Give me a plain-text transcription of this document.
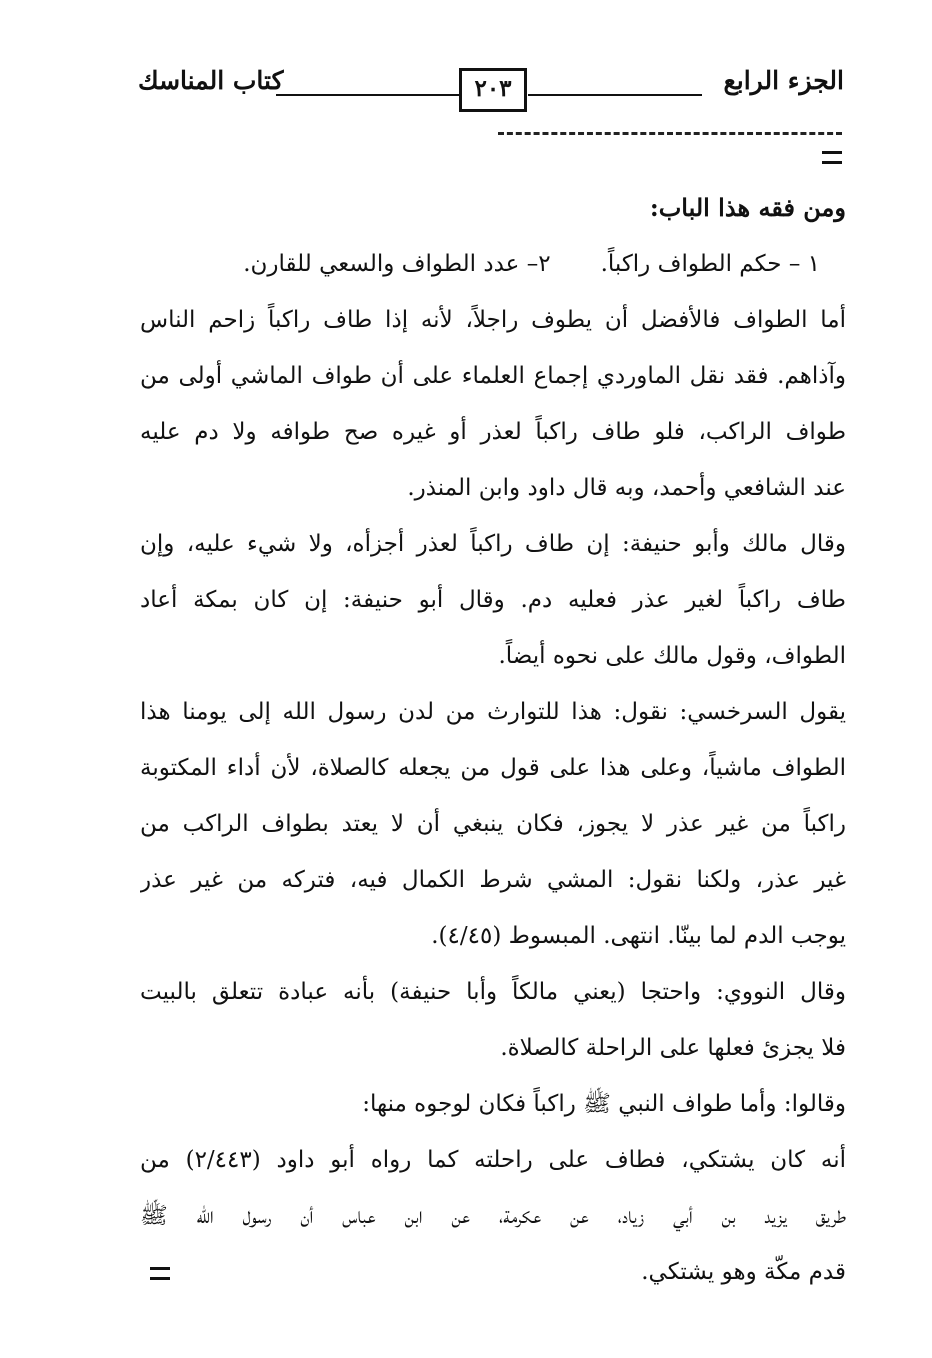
الجزء الرابع
٢٠٣
كتاب المناسك
ومن فقه هذا الباب:
١ – حكم الطواف راكباً.٢– عدد الطواف والسعي للقارن.
أما الطواف فالأفضل أن يطوف راجلاً، لأنه إذا طاف راكباً زاحم الناس
وآذاهم. فقد نقل الماوردي إجماع العلماء على أن طواف الماشي أولى من
طواف الراكب، فلو طاف راكباً لعذر أو غيره صح طوافه ولا دم عليه
عند الشافعي وأحمد، وبه قال داود وابن المنذر.
وقال مالك وأبو حنيفة: إن طاف راكباً لعذر أجزأه، ولا شيء عليه، وإن
طاف راكباً لغير عذر فعليه دم. وقال أبو حنيفة: إن كان بمكة أعاد
الطواف، وقول مالك على نحوه أيضاً.
يقول السرخسي: نقول: هذا للتوارث من لدن رسول الله إلى يومنا هذا
الطواف ماشياً، وعلى هذا على قول من يجعله كالصلاة، لأن أداء المكتوبة
راكباً من غير عذر لا يجوز، فكان ينبغي أن لا يعتد بطواف الراكب من
غير عذر، ولكنا نقول: المشي شرط الكمال فيه، فتركه من غير عذر
يوجب الدم لما بينّا. انتهى. المبسوط (٤/٤٥).
وقال النووي: واحتجا (يعني مالكاً وأبا حنيفة) بأنه عبادة تتعلق بالبيت
فلا يجزئ فعلها على الراحلة كالصلاة.
وقالوا: وأما طواف النبي ﷺ راكباً فكان لوجوه منها:
أنه كان يشتكي، فطاف على راحلته كما رواه أبو داود (٢/٤٤٣) من
طريق يزيد بن أبي زياد، عن عكرمة، عن ابن عباس أن رسول الله ﷺ
قدم مكّة وهو يشتكي.
